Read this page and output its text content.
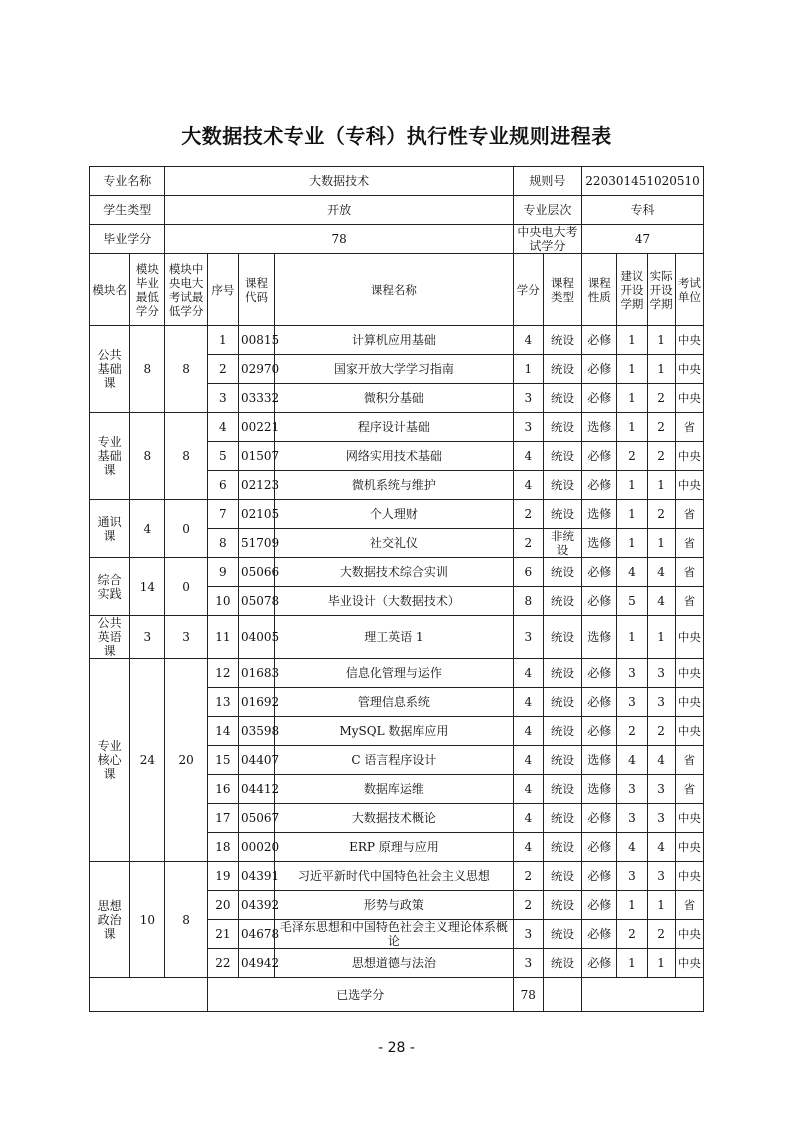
大数据技术专业（专科）执行性专业规则进程表
专业名称		大数据技术				规则号		220301451020510			
学生类型		开放				专业层次		专科			
毕业学分		78				中央电大考试学分		47			
模块名	模块毕业最低学分	模块中央电大考试最低学分	序号	课程代码	课程名称	学分	课程类型	课程性质	建议开设学期	实际开设学期	考试单位
公共基础课	8	8	1	00815	计算机应用基础	4	统设	必修	1	1	中央
			2	02970	国家开放大学学习指南	1	统设	必修	1	1	中央
			3	03332	微积分基础	3	统设	必修	1	2	中央
专业基础课	8	8	4	00221	程序设计基础	3	统设	选修	1	2	省
			5	01507	网络实用技术基础	4	统设	必修	2	2	中央
			6	02123	微机系统与维护	4	统设	必修	1	1	中央
通识课	4	0	7	02105	个人理财	2	统设	选修	1	2	省
			8	51709	社交礼仪	2	非统设	选修	1	1	省
综合实践	14	0	9	05066	大数据技术综合实训	6	统设	必修	4	4	省
			10	05078	毕业设计（大数据技术）	8	统设	必修	5	4	省
公共英语课	3	3	11	04005	理工英语 1	3	统设	选修	1	1	中央
专业核心课	24	20	12	01683	信息化管理与运作	4	统设	必修	3	3	中央
			13	01692	管理信息系统	4	统设	必修	3	3	中央
			14	03598	MySQL 数据库应用	4	统设	必修	2	2	中央
			15	04407	C 语言程序设计	4	统设	选修	4	4	省
			16	04412	数据库运维	4	统设	选修	3	3	省
			17	05067	大数据技术概论	4	统设	必修	3	3	中央
			18	00020	ERP 原理与应用	4	统设	必修	4	4	中央
思想政治课	10	8	19	04391	习近平新时代中国特色社会主义思想	2	统设	必修	3	3	中央
			20	04392	形势与政策	2	统设	必修	1	1	省
			21	04678	毛泽东思想和中国特色社会主义理论体系概论	3	统设	必修	2	2	中央
			22	04942	思想道德与法治	3	统设	必修	1	1	中央
			已选学分			78					
- 28 -
